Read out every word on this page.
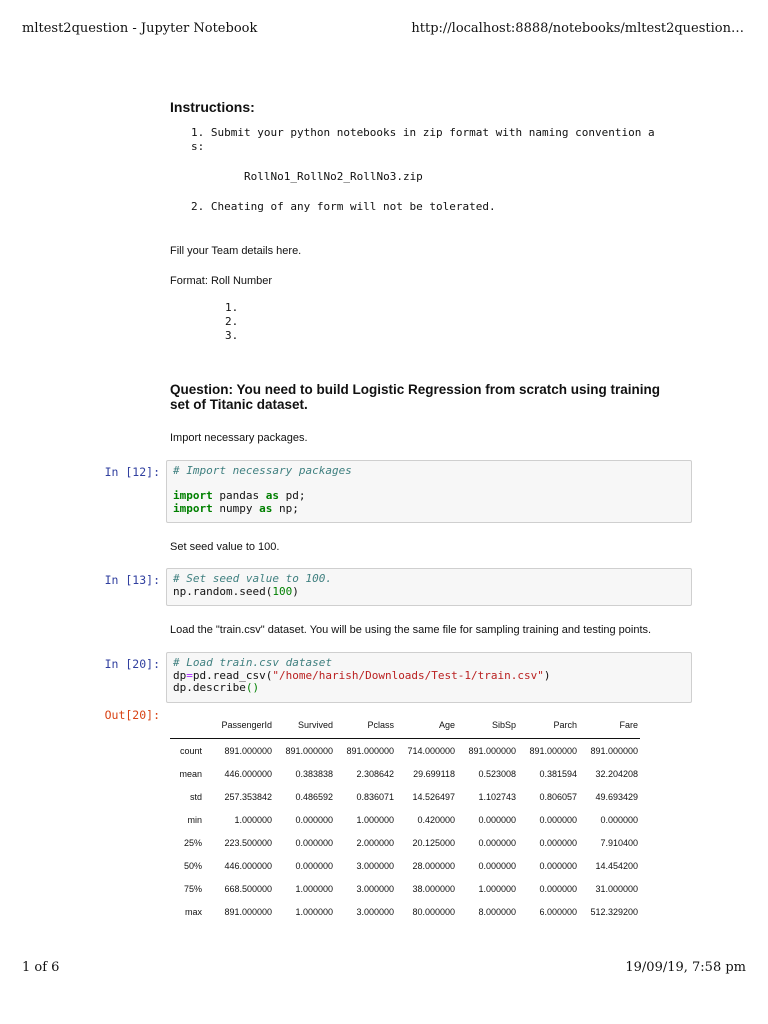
mltest2question - Jupyter Notebook	http://localhost:8888/notebooks/mltest2question…
Instructions:
1. Submit your python notebooks in zip format with naming convention a
s:
RollNo1_RollNo2_RollNo3.zip
2. Cheating of any form will not be tolerated.
Fill your Team details here.
Format: Roll Number
1.
2.
3.
Question: You need to build Logistic Regression from scratch using training
set of Titanic dataset.
Import necessary packages.
In [12]:	# Import necessary packages

import pandas as pd;
import numpy as np;
Set seed value to 100.
In [13]:	# Set seed value to 100.
np.random.seed(100)
Load the "train.csv" dataset. You will be using the same file for sampling training and testing points.
In [20]:	# Load train.csv dataset
dp=pd.read_csv("/home/harish/Downloads/Test-1/train.csv")
dp.describe()
Out[20]:
	PassengerId	Survived	Pclass	Age	SibSp	Parch	Fare
count	891.000000	891.000000	891.000000	714.000000	891.000000	891.000000	891.000000
mean	446.000000	0.383838	2.308642	29.699118	0.523008	0.381594	32.204208
std	257.353842	0.486592	0.836071	14.526497	1.102743	0.806057	49.693429
min	1.000000	0.000000	1.000000	0.420000	0.000000	0.000000	0.000000
25%	223.500000	0.000000	2.000000	20.125000	0.000000	0.000000	7.910400
50%	446.000000	0.000000	3.000000	28.000000	0.000000	0.000000	14.454200
75%	668.500000	1.000000	3.000000	38.000000	1.000000	0.000000	31.000000
max	891.000000	1.000000	3.000000	80.000000	8.000000	6.000000	512.329200
1 of 6	19/09/19, 7:58 pm
